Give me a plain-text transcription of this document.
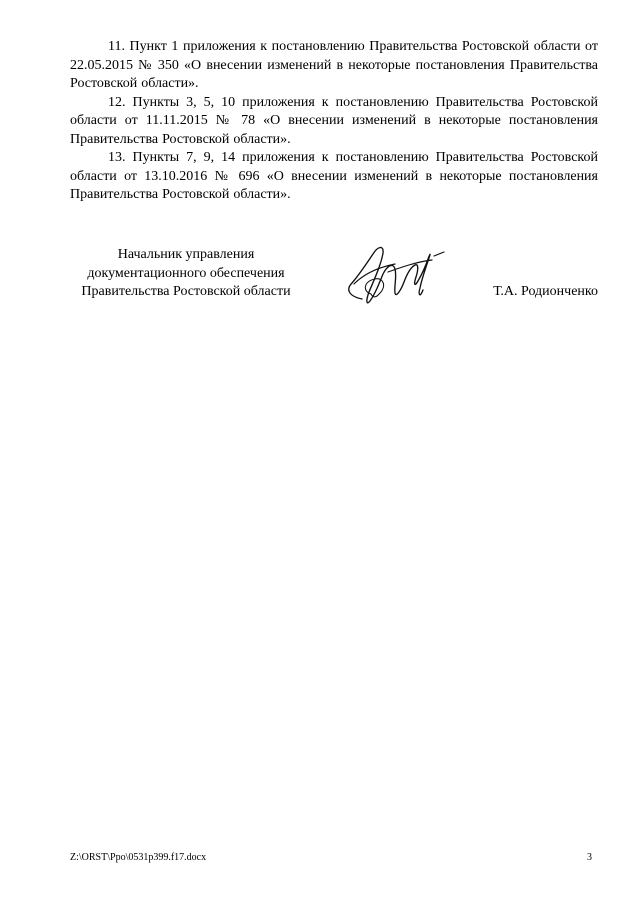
11. Пункт 1 приложения к постановлению Правительства Ростовской области от 22.05.2015 № 350 «О внесении изменений в некоторые постановления Правительства Ростовской области».

12. Пункты 3, 5, 10 приложения к постановлению Правительства Ростовской области от 11.11.2015 № 78 «О внесении изменений в некоторые постановления Правительства Ростовской области».

13. Пункты 7, 9, 14 приложения к постановлению Правительства Ростовской области от 13.10.2016 № 696 «О внесении изменений в некоторые постановления Правительства Ростовской области».

Начальник управления
документационного обеспечения
Правительства Ростовской области	Т.А. Родионченко
Z:\ORST\Ppo\0531p399.f17.docx	3
